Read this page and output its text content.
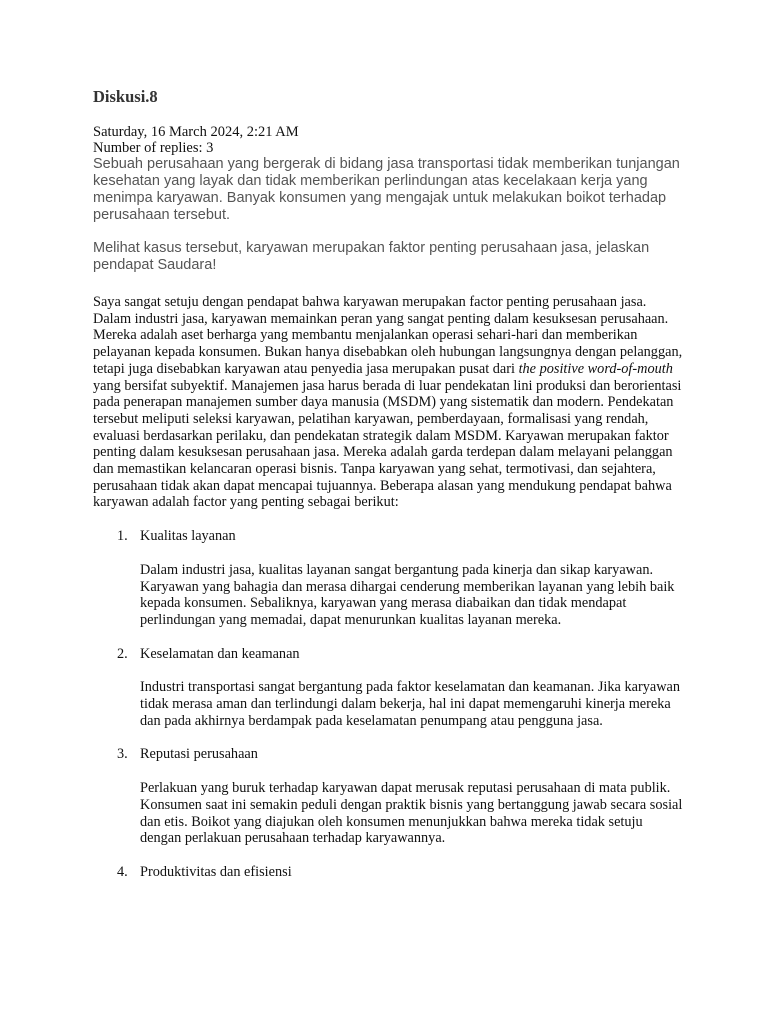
Diskusi.8

Saturday, 16 March 2024, 2:21 AM

Number of replies: 3

Sebuah perusahaan yang bergerak di bidang jasa transportasi tidak memberikan tunjangan kesehatan yang layak dan tidak memberikan perlindungan atas kecelakaan kerja yang menimpa karyawan. Banyak konsumen yang mengajak untuk melakukan boikot terhadap perusahaan tersebut.

Melihat kasus tersebut, karyawan merupakan faktor penting perusahaan jasa, jelaskan pendapat Saudara!

Saya sangat setuju dengan pendapat bahwa karyawan merupakan factor penting perusahaan jasa. Dalam industri jasa, karyawan memainkan peran yang sangat penting dalam kesuksesan perusahaan. Mereka adalah aset berharga yang membantu menjalankan operasi sehari-hari dan memberikan pelayanan kepada konsumen. Bukan hanya disebabkan oleh hubungan langsungnya dengan pelanggan, tetapi juga disebabkan karyawan atau penyedia jasa merupakan pusat dari the positive word-of-mouth yang bersifat subyektif. Manajemen jasa harus berada di luar pendekatan lini produksi dan berorientasi pada penerapan manajemen sumber daya manusia (MSDM) yang sistematik dan modern. Pendekatan tersebut meliputi seleksi karyawan, pelatihan karyawan, pemberdayaan, formalisasi yang rendah, evaluasi berdasarkan perilaku, dan pendekatan strategik dalam MSDM. Karyawan merupakan faktor penting dalam kesuksesan perusahaan jasa. Mereka adalah garda terdepan dalam melayani pelanggan dan memastikan kelancaran operasi bisnis. Tanpa karyawan yang sehat, termotivasi, dan sejahtera, perusahaan tidak akan dapat mencapai tujuannya. Beberapa alasan yang mendukung pendapat bahwa karyawan adalah factor yang penting sebagai berikut:

1. Kualitas layanan
Dalam industri jasa, kualitas layanan sangat bergantung pada kinerja dan sikap karyawan. Karyawan yang bahagia dan merasa dihargai cenderung memberikan layanan yang lebih baik kepada konsumen. Sebaliknya, karyawan yang merasa diabaikan dan tidak mendapat perlindungan yang memadai, dapat menurunkan kualitas layanan mereka.
2. Keselamatan dan keamanan
Industri transportasi sangat bergantung pada faktor keselamatan dan keamanan. Jika karyawan tidak merasa aman dan terlindungi dalam bekerja, hal ini dapat memengaruhi kinerja mereka dan pada akhirnya berdampak pada keselamatan penumpang atau pengguna jasa.
3. Reputasi perusahaan
Perlakuan yang buruk terhadap karyawan dapat merusak reputasi perusahaan di mata publik. Konsumen saat ini semakin peduli dengan praktik bisnis yang bertanggung jawab secara sosial dan etis. Boikot yang diajukan oleh konsumen menunjukkan bahwa mereka tidak setuju dengan perlakuan perusahaan terhadap karyawannya.
4. Produktivitas dan efisiensi
